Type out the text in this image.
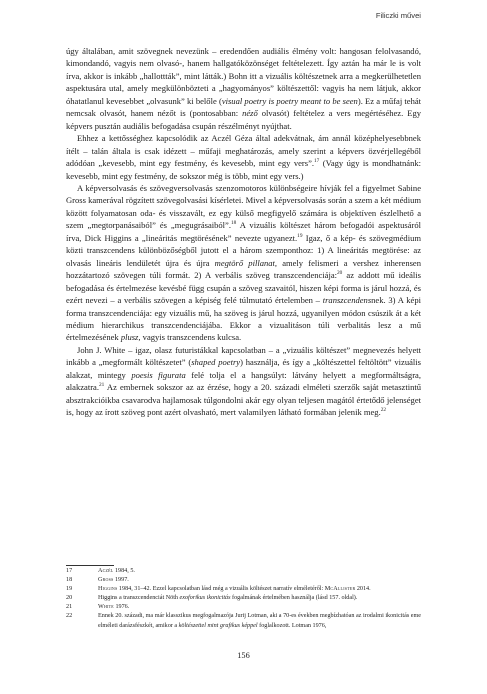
Filiczki művei

úgy általában, amit szövegnek nevezünk – eredendően audiális élmény volt: hangosan felolvasandó, kimondandó, vagyis nem olvasó-, hanem hallgatóközönséget feltételezett. Így aztán ha már le is volt írva, akkor is inkább „hallottták”, mint látták.) Bohn itt a vizuális költészetnek arra a megkerülhetetlen aspektusára utal, amely megkülönbözteti a „hagyományos” költészettől: vagyis ha nem látjuk, akkor óhatatlanul kevesebbet „olvasunk” ki belőle (visual poetry is poetry meant to be seen). Ez a műfaj tehát nemcsak olvasót, hanem nézőt is (pontosabban: néző olvasót) feltételez a vers megértéséhez. Egy képvers pusztán audiális befogadása csupán részélményt nyújthat.

Ehhez a kettősséghez kapcsolódik az Aczél Géza által adekvátnak, ám annál középhelyesebbnek ítélt – talán általa is csak idézett – műfaji meghatározás, amely szerint a képvers özvérjellegéből adódóan „kevesebb, mint egy festmény, és kevesebb, mint egy vers”.$^{17}$ (Vagy úgy is mondhatnánk: kevesebb, mint egy festmény, de sokszor még is több, mint egy vers.)

A képversolvasás és szövegversolvasás szenzomotoros különbségeire hívják fel a figyelmet Sabine Gross kamerával rögzített szövegolvasási kísérletei. Mivel a képversolvasás során a szem a két médium között folyamatosan oda- és visszavált, ez egy külső megfigyelő számára is objektíven észlelhető a szem „megtorpanásaiból” és „megugrásaiból”.$^{18}$ A vizuális költészet három befogadói aspektusáról írva, Dick Higgins a „lineáritás megtörésének” nevezte ugyanezt.$^{19}$ Igaz, ő a kép- és szövegmédium közti transzcendens különbözőségből jutott el a három szemponthoz: 1) A lineáritás megtörése: az olvasás lineáris lendületét újra és újra megtörő pillanat, amely felismeri a vershez inherensen hozzátartozó szövegen túli formát. 2) A verbális szöveg transzcendenciája:$^{20}$ az addott mű ideális befogadása és értelmezése kevésbé függ csupán a szöveg szavaitól, hiszen képi forma is járul hozzá, és ezért nevezi – a verbális szövegen a képiség felé túlmutató értelemben – transzcendensnek. 3) A képi forma transzcendenciája: egy vizuális mű, ha szöveg is járul hozzá, ugyanilyen módon csúszik át a két médium hierarchikus transzcendenciájába. Ekkor a vizualitáson túli verbalitás lesz a mű értelmezésének plusz, vagyis transzcendens kulcsa.

John J. White – igaz, olasz futuristákkal kapcsolatban – a „vizuális költészet” megnevezés helyett inkább a „megformált költészetet” (shaped poetry) használja, és így a „költészettel feltöltött” vizuális alakzat, mintegy poesis figurata felé tolja el a hangsúlyt: látvány helyett a megformáltságra, alakzatra.$^{21}$ Az embernek sokszor az az érzése, hogy a 20. századi elméleti szerzők saját metasztintű absztrakcióikba csavarodva hajlamosak túlgondolni akár egy olyan teljesen magától értetődő jelenséget is, hogy az írott szöveg pont azért olvasható, mert valamilyen látható formában jelenik meg.$^{22}$

17	Aczél 1984, 5.
18	Gross 1997.
19	Higgins 1984, 31–42. Ezzel kapcsolatban lásd még a vizuális költészet narratív elméletéről: McAllister 2014.
20	Higgins a transzcendenciát Nöth exoforikus ikonicitás fogalmának értelmében használja (lásd 157. oldal).
21	White 1976.
22	Ennek 20. századi, ma már klasszikus megfogalmazója Jurij Lotman, aki a 70-es években megbízhatóan az irodalmi ikonicitás eme elméleti darázsfészkét, amikor a költészettel mint grafikus képpel foglalkozott. Lotman 1976,
156
